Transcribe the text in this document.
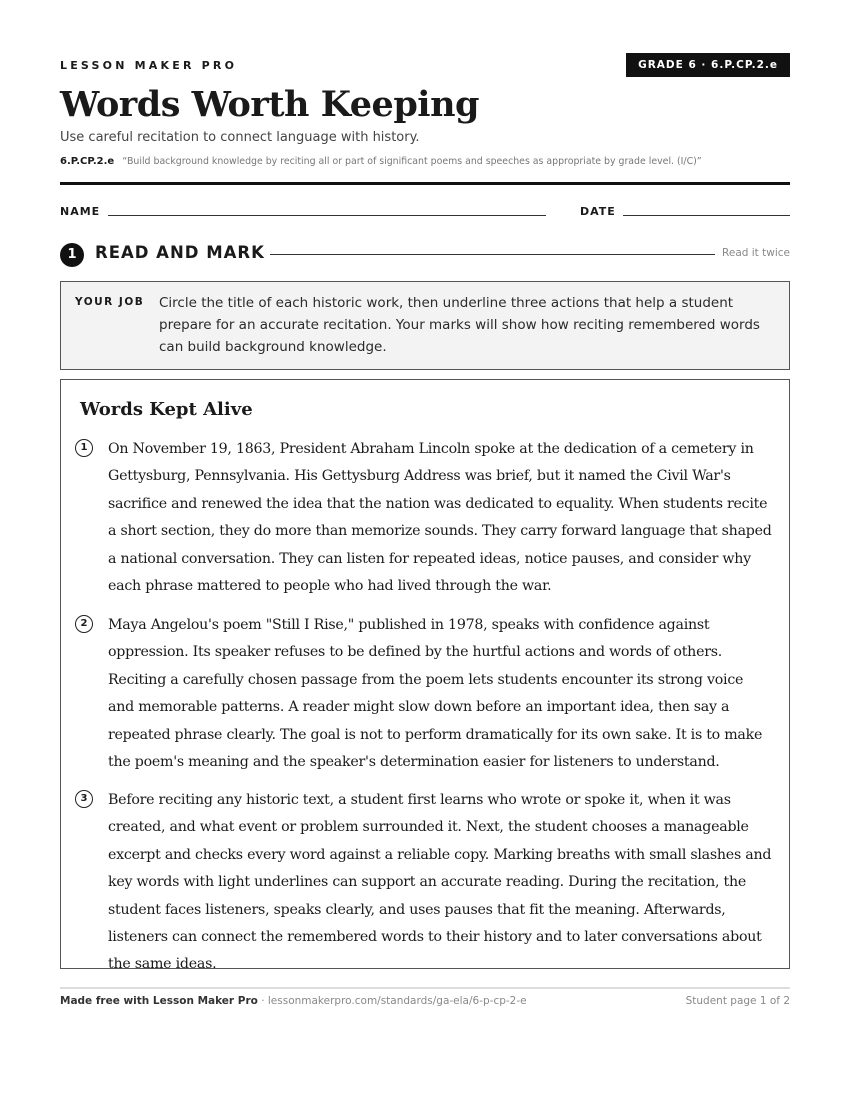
LESSON MAKER PRO	GRADE 6 · 6.P.CP.2.e
Words Worth Keeping
Use careful recitation to connect language with history.
6.P.CP.2.e “Build background knowledge by reciting all or part of significant poems and speeches as appropriate by grade level. (I/C)”
NAME	DATE
1	READ AND MARK	Read it twice
YOUR JOB Circle the title of each historic work, then underline three actions that help a student prepare for an accurate recitation. Your marks will show how reciting remembered words can build background knowledge.
Words Kept Alive
1	On November 19, 1863, President Abraham Lincoln spoke at the dedication of a cemetery in Gettysburg, Pennsylvania. His Gettysburg Address was brief, but it named the Civil War's sacrifice and renewed the idea that the nation was dedicated to equality. When students recite a short section, they do more than memorize sounds. They carry forward language that shaped a national conversation. They can listen for repeated ideas, notice pauses, and consider why each phrase mattered to people who had lived through the war.

2	Maya Angelou's poem "Still I Rise," published in 1978, speaks with confidence against oppression. Its speaker refuses to be defined by the hurtful actions and words of others. Reciting a carefully chosen passage from the poem lets students encounter its strong voice and memorable patterns. A reader might slow down before an important idea, then say a repeated phrase clearly. The goal is not to perform dramatically for its own sake. It is to make the poem's meaning and the speaker's determination easier for listeners to understand.

3	Before reciting any historic text, a student first learns who wrote or spoke it, when it was created, and what event or problem surrounded it. Next, the student chooses a manageable excerpt and checks every word against a reliable copy. Marking breaths with small slashes and key words with light underlines can support an accurate reading. During the recitation, the student faces listeners, speaks clearly, and uses pauses that fit the meaning. Afterwards, listeners can connect the remembered words to their history and to later conversations about the same ideas.

Made free with Lesson Maker Pro · lessonmakerpro.com/standards/ga-ela/6-p-cp-2-e	Student page 1 of 2
